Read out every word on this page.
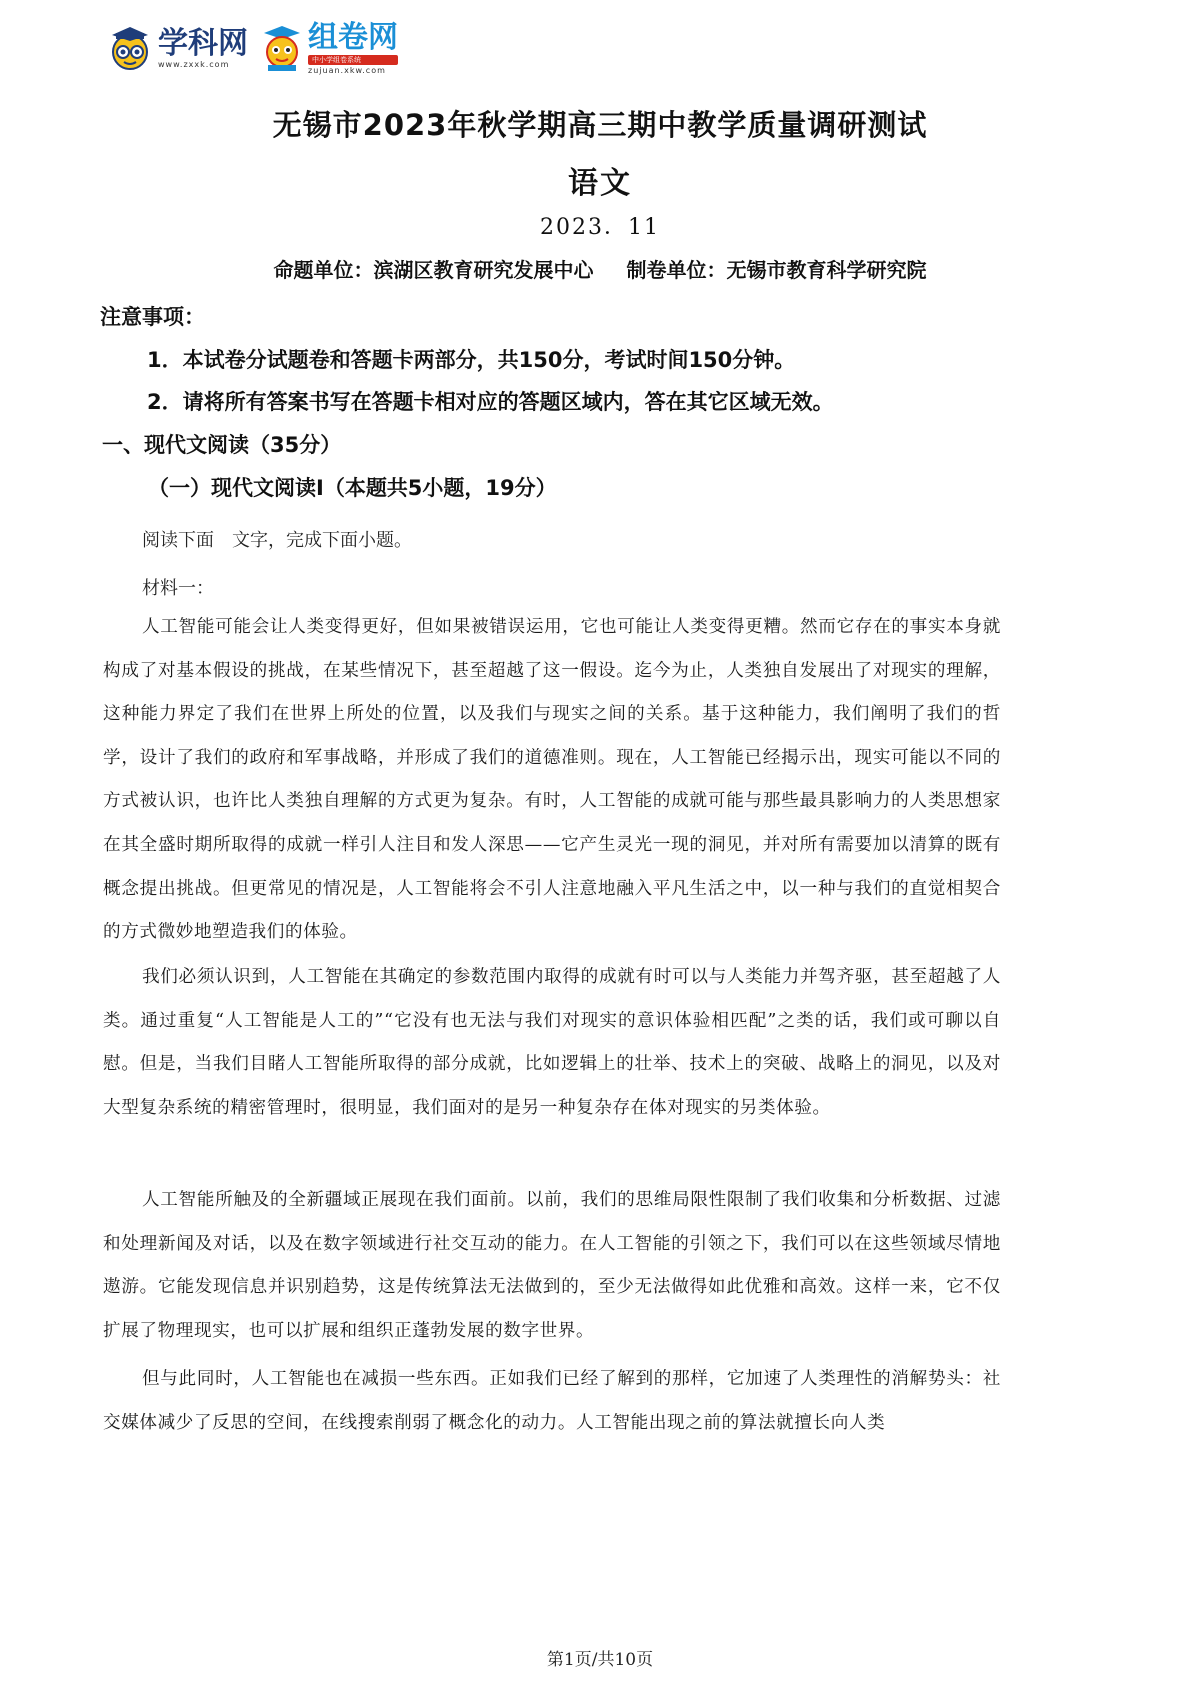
学科网
www.zxxk.com
组卷网
中小学组卷系统
zujuan.xkw.com
无锡市2023年秋学期高三期中教学质量调研测试
语文
2023．11
命题单位：滨湖区教育研究发展中心 制卷单位：无锡市教育科学研究院
注意事项：
1．本试卷分试题卷和答题卡两部分，共150分，考试时间150分钟。
2．请将所有答案书写在答题卡相对应的答题区域内，答在其它区域无效。
一、现代文阅读（35分）
（一）现代文阅读Ⅰ（本题共5小题，19分）
阅读下面　文字，完成下面小题。
材料一：
人工智能可能会让人类变得更好，但如果被错误运用，它也可能让人类变得更糟。然而它存在的事实本身就构成了对基本假设的挑战，在某些情况下，甚至超越了这一假设。迄今为止，人类独自发展出了对现实的理解，这种能力界定了我们在世界上所处的位置，以及我们与现实之间的关系。基于这种能力，我们阐明了我们的哲学，设计了我们的政府和军事战略，并形成了我们的道德准则。现在，人工智能已经揭示出，现实可能以不同的方式被认识，也许比人类独自理解的方式更为复杂。有时，人工智能的成就可能与那些最具影响力的人类思想家在其全盛时期所取得的成就一样引人注目和发人深思——它产生灵光一现的洞见，并对所有需要加以清算的既有概念提出挑战。但更常见的情况是，人工智能将会不引人注意地融入平凡生活之中，以一种与我们的直觉相契合的方式微妙地塑造我们的体验。
我们必须认识到，人工智能在其确定的参数范围内取得的成就有时可以与人类能力并驾齐驱，甚至超越了人类。通过重复“人工智能是人工的”“它没有也无法与我们对现实的意识体验相匹配”之类的话，我们或可聊以自慰。但是，当我们目睹人工智能所取得的部分成就，比如逻辑上的壮举、技术上的突破、战略上的洞见，以及对大型复杂系统的精密管理时，很明显，我们面对的是另一种复杂存在体对现实的另类体验。
人工智能所触及的全新疆域正展现在我们面前。以前，我们的思维局限性限制了我们收集和分析数据、过滤和处理新闻及对话，以及在数字领域进行社交互动的能力。在人工智能的引领之下，我们可以在这些领域尽情地遨游。它能发现信息并识别趋势，这是传统算法无法做到的，至少无法做得如此优雅和高效。这样一来，它不仅扩展了物理现实，也可以扩展和组织正蓬勃发展的数字世界。
但与此同时，人工智能也在减损一些东西。正如我们已经了解到的那样，它加速了人类理性的消解势头：社交媒体减少了反思的空间，在线搜索削弱了概念化的动力。人工智能出现之前的算法就擅长向人类
第1页/共10页
